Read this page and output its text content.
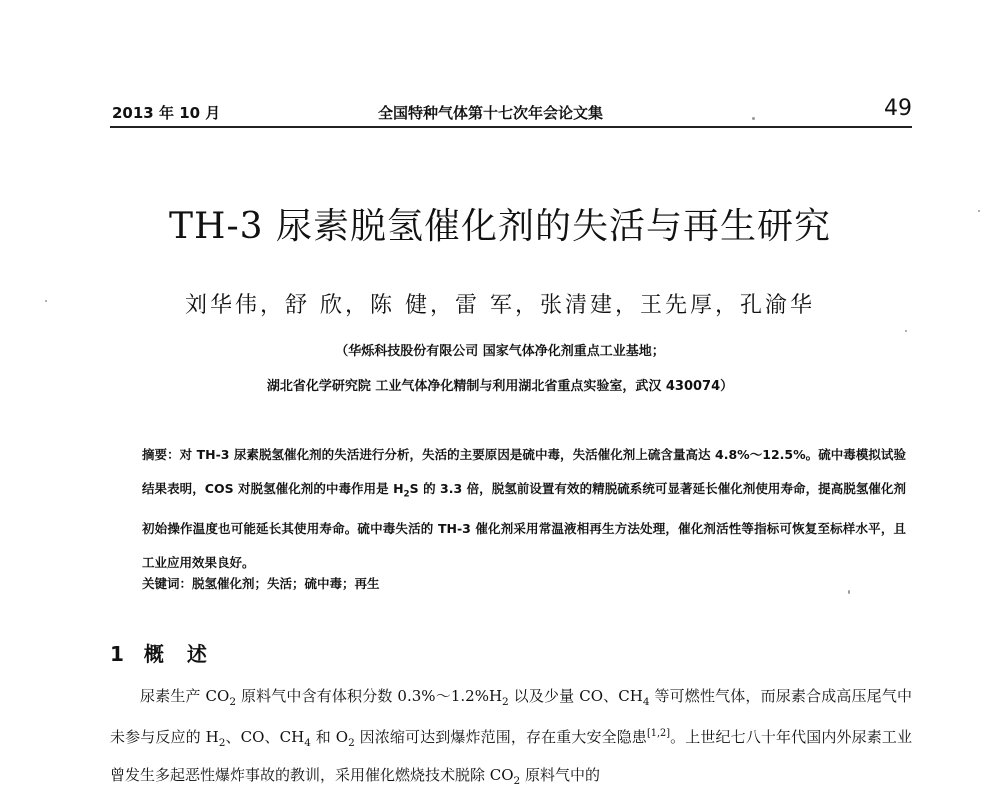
2013 年 10 月	全国特种气体第十七次年会论文集	49
TH-3 尿素脱氢催化剂的失活与再生研究
刘华伟，舒 欣，陈 健，雷 军，张清建，王先厚，孔渝华
（华烁科技股份有限公司 国家气体净化剂重点工业基地；
湖北省化学研究院 工业气体净化精制与利用湖北省重点实验室，武汉 430074）

摘要：对 TH-3 尿素脱氢催化剂的失活进行分析，失活的主要原因是硫中毒，失活催化剂上硫含量高达 4.8%～12.5%。硫中毒模拟试验结果表明，COS 对脱氢催化剂的中毒作用是 $H_2S$ 的 3.3 倍，脱氢前设置有效的精脱硫系统可显著延长催化剂使用寿命，提高脱氢催化剂初始操作温度也可能延长其使用寿命。硫中毒失活的 TH-3 催化剂采用常温液相再生方法处理，催化剂活性等指标可恢复至标样水平，且工业应用效果良好。

关键词：脱氢催化剂；失活；硫中毒；再生
1 概 述

尿素生产 $CO_2$ 原料气中含有体积分数 $0.3\%\sim 1.2\%H_2$ 以及少量 CO、$CH_4$ 等可燃性气体，而尿素合成高压尾气中未参与反应的 $H_2$、CO、$CH_4$ 和 $O_2$ 因浓缩可达到爆炸范围，存在重大安全隐患[1,2]。上世纪七八十年代国内外尿素工业曾发生多起恶性爆炸事故的教训，采用催化燃烧技术脱除 $CO_2$ 原料气中的
